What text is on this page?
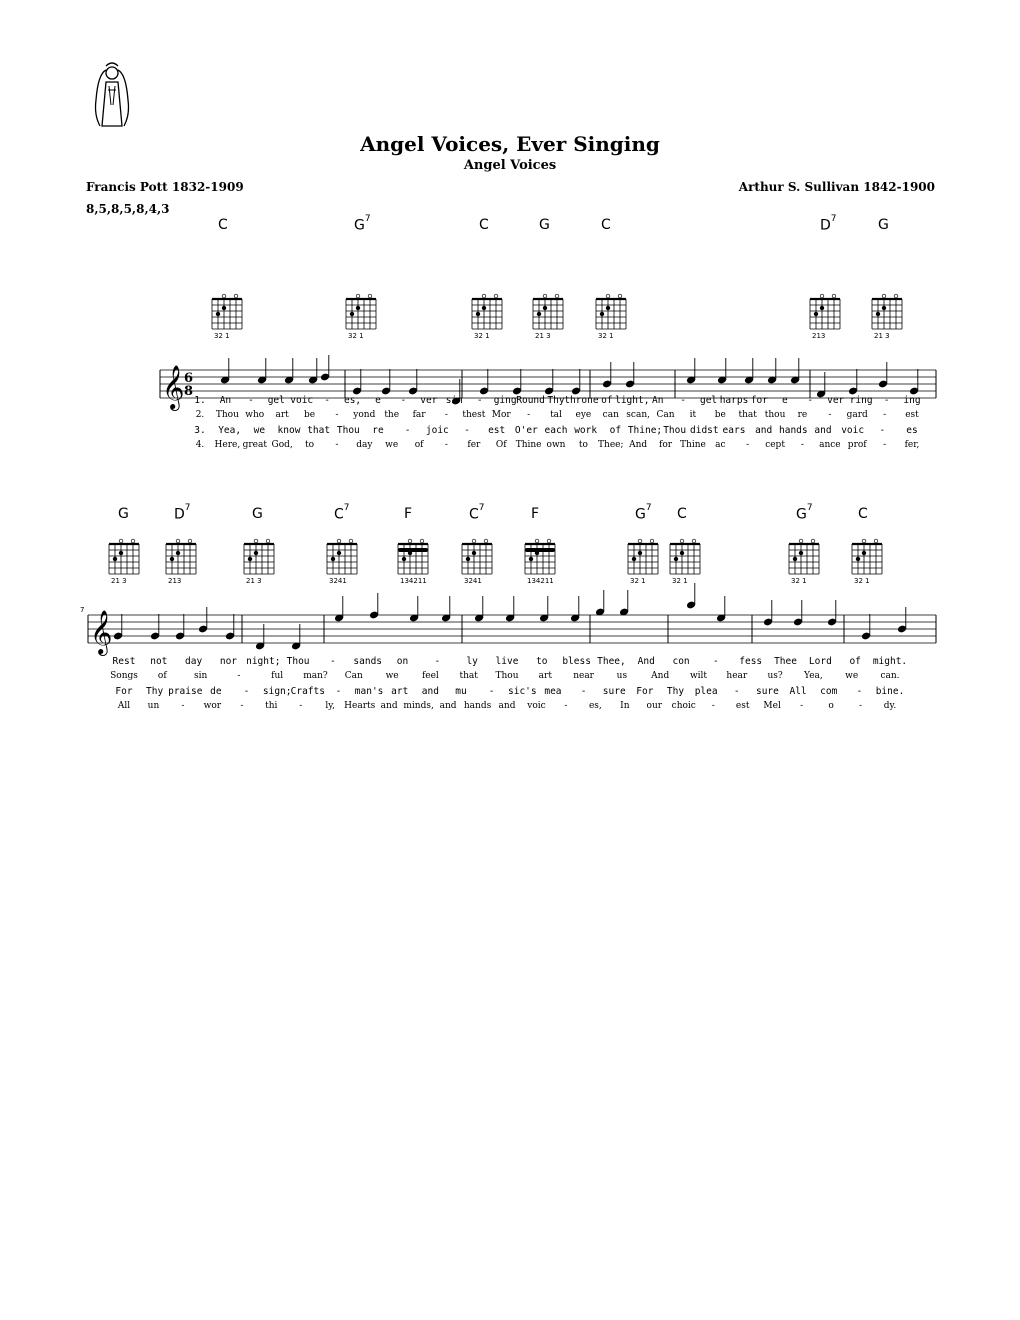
Angel Voices, Ever Singing
Angel Voices
Francis Pott 1832-1909	Arthur S. Sullivan 1842-1900
8,5,8,5,8,4,3
C	$G^7$	C	G	C	$D^7$	G
G	$D^7$	G	$C^7$	F	$C^7$	F	$G^7$ C	$G^7$	C
32 1	32 1	32 1	21 3	32 1	213	21 3
21 3	213	21 3	3241	134211	3241	134211	32 1	32 1	32 1	32 1
𝄞
𝄞
6
8
7
1. An - gel voic - es, e - ver sin - ging Round Thy throne of light, An - gel harps for e - ver ring - ing
2. Thou who art be - yond the far - thest Mor - tal eye can scan, Can it be that thou re - gard - est
3. Yea, we know that Thou re - joic - est O'er each work of Thine; Thou didst ears and hands and voic - es
4. Here, great God, to - day we of - fer Of Thine own to Thee; And for Thine ac - cept - ance prof - fer,
Rest not day nor night; Thou - sands on	-	ly live to bless Thee, And con - fess Thee Lord of might.
Songs of	sin	-	ful man? Can	we	feel that Thou art near	us	And wilt hear us? Yea, we can.
For Thy praise de - sign; Crafts - man's art and mu - sic's mea - sure For Thy plea - sure All com - bine.
All un - wor - thi -	ly, Hearts and minds, and hands and voic - es, In our choic - est Mel -	o	- dy.
